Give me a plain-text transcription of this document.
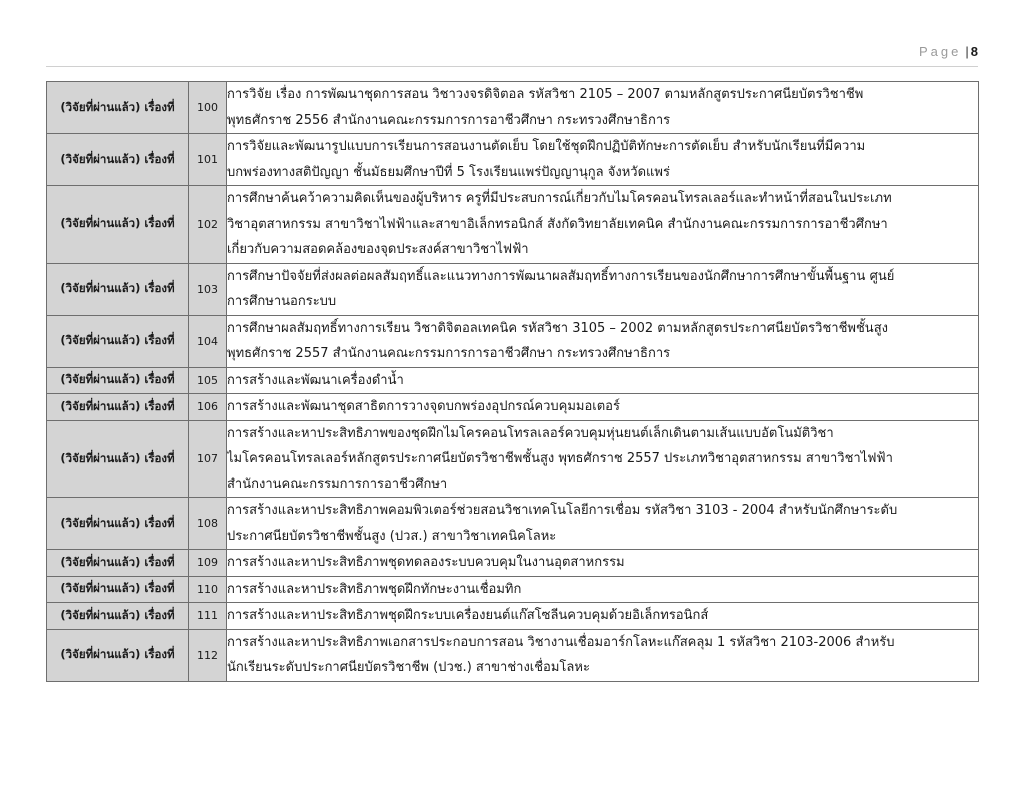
Page | 8
(วิจัยที่ผ่านแล้ว) เรื่องที่	100	การวิจัย เรื่อง การพัฒนาชุดการสอน วิชาวงจรดิจิตอล รหัสวิชา 2105 – 2007 ตามหลักสูตรประกาศนียบัตรวิชาชีพ
พุทธศักราช 2556 สำนักงานคณะกรรมการการอาชีวศึกษา กระทรวงศึกษาธิการ

(วิจัยที่ผ่านแล้ว) เรื่องที่	101	การวิจัยและพัฒนารูปแบบการเรียนการสอนงานตัดเย็บ โดยใช้ชุดฝึกปฏิบัติทักษะการตัดเย็บ สำหรับนักเรียนที่มีความ
บกพร่องทางสติปัญญา ชั้นมัธยมศึกษาปีที่ 5 โรงเรียนแพร่ปัญญานุกูล จังหวัดแพร่

(วิจัยที่ผ่านแล้ว) เรื่องที่	102	การศึกษาค้นคว้าความคิดเห็นของผู้บริหาร ครูที่มีประสบการณ์เกี่ยวกับไมโครคอนโทรลเลอร์และทำหน้าที่สอนในประเภท
วิชาอุตสาหกรรม สาขาวิชาไฟฟ้าและสาขาอิเล็กทรอนิกส์ สังกัดวิทยาลัยเทคนิค สำนักงานคณะกรรมการการอาชีวศึกษา
เกี่ยวกับความสอดคล้องของจุดประสงค์สาขาวิชาไฟฟ้า

(วิจัยที่ผ่านแล้ว) เรื่องที่	103	การศึกษาปัจจัยที่ส่งผลต่อผลสัมฤทธิ์และแนวทางการพัฒนาผลสัมฤทธิ์ทางการเรียนของนักศึกษาการศึกษาขั้นพื้นฐาน ศูนย์
การศึกษานอกระบบ

(วิจัยที่ผ่านแล้ว) เรื่องที่	104	การศึกษาผลสัมฤทธิ์ทางการเรียน วิชาดิจิตอลเทคนิค รหัสวิชา 3105 – 2002 ตามหลักสูตรประกาศนียบัตรวิชาชีพชั้นสูง
พุทธศักราช 2557 สำนักงานคณะกรรมการการอาชีวศึกษา กระทรวงศึกษาธิการ

(วิจัยที่ผ่านแล้ว) เรื่องที่	105	การสร้างและพัฒนาเครื่องดำน้ำ

(วิจัยที่ผ่านแล้ว) เรื่องที่	106	การสร้างและพัฒนาชุดสาธิตการวางจุดบกพร่องอุปกรณ์ควบคุมมอเตอร์

(วิจัยที่ผ่านแล้ว) เรื่องที่	107	การสร้างและหาประสิทธิภาพของชุดฝึกไมโครคอนโทรลเลอร์ควบคุมหุ่นยนต์เล็กเดินตามเส้นแบบอัตโนมัติวิชา
ไมโครคอนโทรลเลอร์หลักสูตรประกาศนียบัตรวิชาชีพชั้นสูง พุทธศักราช 2557 ประเภทวิชาอุตสาหกรรม สาขาวิชาไฟฟ้า
สำนักงานคณะกรรมการการอาชีวศึกษา

(วิจัยที่ผ่านแล้ว) เรื่องที่	108	การสร้างและหาประสิทธิภาพคอมพิวเตอร์ช่วยสอนวิชาเทคโนโลยีการเชื่อม รหัสวิชา 3103 - 2004 สำหรับนักศึกษาระดับ
ประกาศนียบัตรวิชาชีพชั้นสูง (ปวส.) สาขาวิชาเทคนิคโลหะ

(วิจัยที่ผ่านแล้ว) เรื่องที่	109	การสร้างและหาประสิทธิภาพชุดทดลองระบบควบคุมในงานอุตสาหกรรม

(วิจัยที่ผ่านแล้ว) เรื่องที่	110	การสร้างและหาประสิทธิภาพชุดฝึกทักษะงานเชื่อมทิก

(วิจัยที่ผ่านแล้ว) เรื่องที่	111	การสร้างและหาประสิทธิภาพชุดฝึกระบบเครื่องยนต์แก๊สโซลีนควบคุมด้วยอิเล็กทรอนิกส์

(วิจัยที่ผ่านแล้ว) เรื่องที่	112	การสร้างและหาประสิทธิภาพเอกสารประกอบการสอน วิชางานเชื่อมอาร์กโลหะแก๊สคลุม 1 รหัสวิชา 2103-2006 สำหรับ
นักเรียนระดับประกาศนียบัตรวิชาชีพ (ปวช.) สาขาช่างเชื่อมโลหะ
